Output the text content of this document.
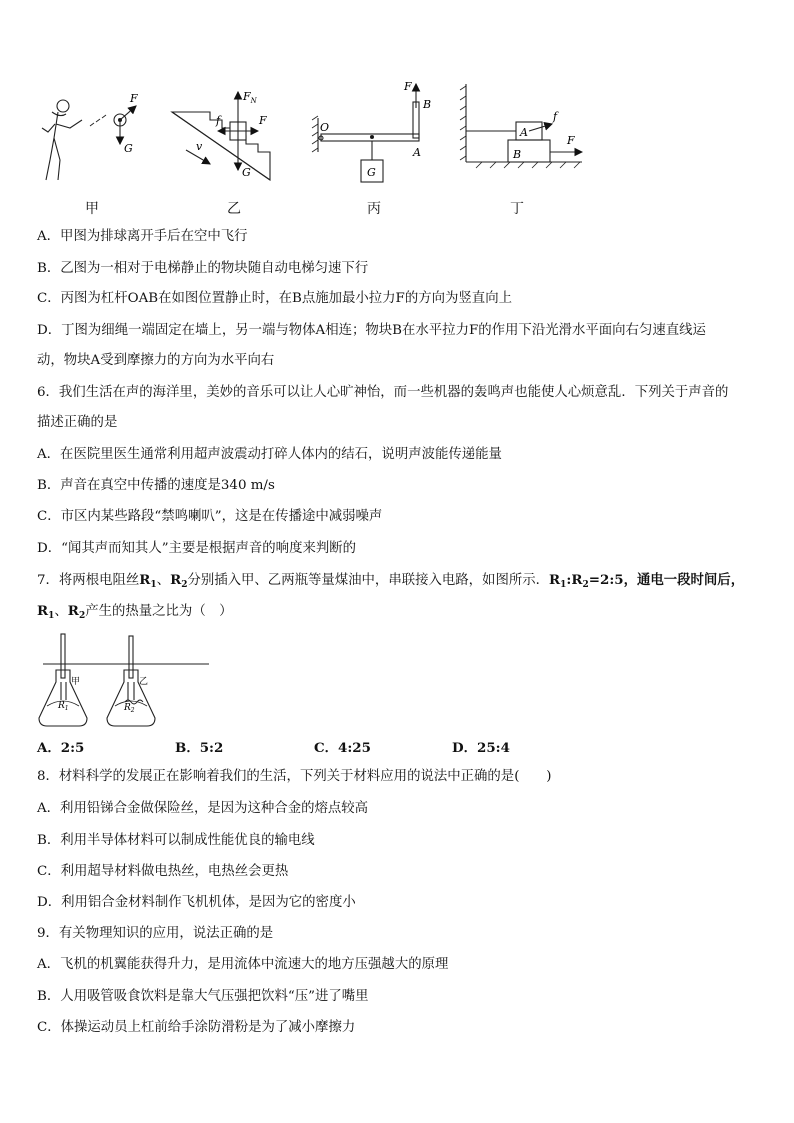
F
G
$F_N$
f	F
v
G
F
B
O
A
G
f
A
F
B
甲	乙	丙	丁
A．甲图为排球离开手后在空中飞行
B．乙图为一相对于电梯静止的物块随自动电梯匀速下行
C．丙图为杠杆OAB在如图位置静止时，在B点施加最小拉力F的方向为竖直向上
D．丁图为细绳一端固定在墙上，另一端与物体A相连；物块B在水平拉力F的作用下沿光滑水平面向右匀速直线运
动，物块A受到摩擦力的方向为水平向右
6．我们生活在声的海洋里，美妙的音乐可以让人心旷神怡，而一些机器的轰鸣声也能使人心烦意乱．下列关于声音的
描述正确的是
A．在医院里医生通常利用超声波震动打碎人体内的结石，说明声波能传递能量
B．声音在真空中传播的速度是340 m/s
C．市区内某些路段“禁鸣喇叭”，这是在传播途中减弱噪声
D．“闻其声而知其人”主要是根据声音的响度来判断的
7．将两根电阻丝$R_1$、$R_2$分别插入甲、乙两瓶等量煤油中，串联接入电路，如图所示．$R_1:R_2=2:5$，通电一段时间后，
$R_1$、$R_2$产生的热量之比为（　）
甲	乙
$R_1$	$R_2$
A．2:5	B．5:2	C．4:25	D．25:4
8．材料科学的发展正在影响着我们的生活，下列关于材料应用的说法中正确的是(　　)
A．利用铅锑合金做保险丝，是因为这种合金的熔点较高
B．利用半导体材料可以制成性能优良的输电线
C．利用超导材料做电热丝，电热丝会更热
D．利用铝合金材料制作飞机机体，是因为它的密度小
9．有关物理知识的应用，说法正确的是
A．飞机的机翼能获得升力，是用流体中流速大的地方压强越大的原理
B．人用吸管吸食饮料是靠大气压强把饮料“压”进了嘴里
C．体操运动员上杠前给手涂防滑粉是为了减小摩擦力
